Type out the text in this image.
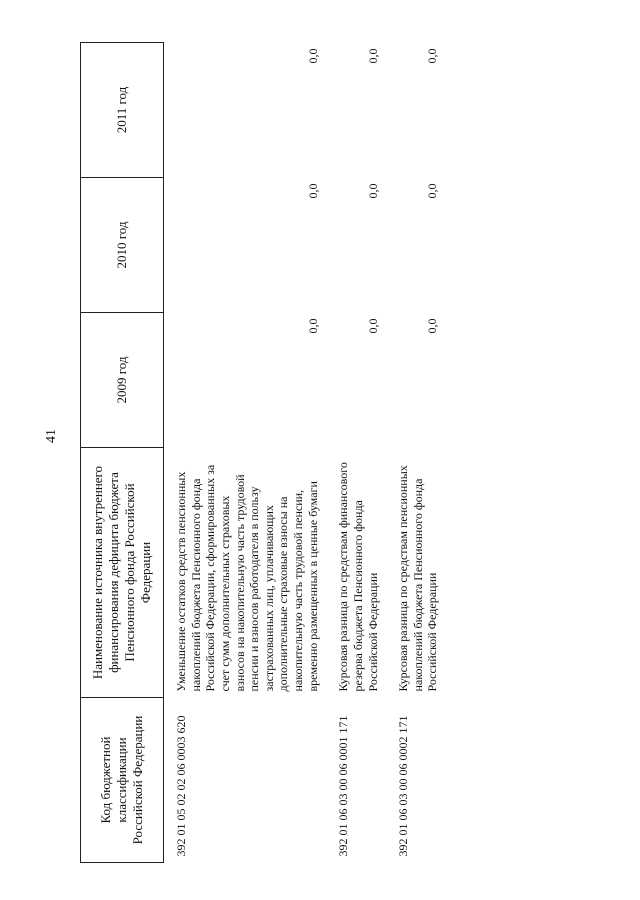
41
Код бюджетной классификации Российской Федерации	Наименование источника внутреннего финансирования дефицита бюджета Пенсионного фонда Российской Федерации	2009 год	2010 год	2011 год
392 01 05 02 02 06 0003 620	Уменьшение остатков средств пенсионных накоплений бюджета Пенсионного фонда Российской Федерации, сформированных за счет сумм дополнительных страховых взносов на накопительную часть трудовой пенсии и взносов работодателя в пользу застрахованных лиц, уплачивающих дополнительные страховые взносы на накопительную часть трудовой пенсии, временно размещенных в ценные бумаги	0,0	0,0	0,0
392 01 06 03 00 06 0001 171	Курсовая разница по средствам финансового резерва бюджета Пенсионного фонда Российской Федерации	0,0	0,0	0,0
392 01 06 03 00 06 0002 171	Курсовая разница по средствам пенсионных накоплений бюджета Пенсионного фонда Российской Федерации	0,0	0,0	0,0
